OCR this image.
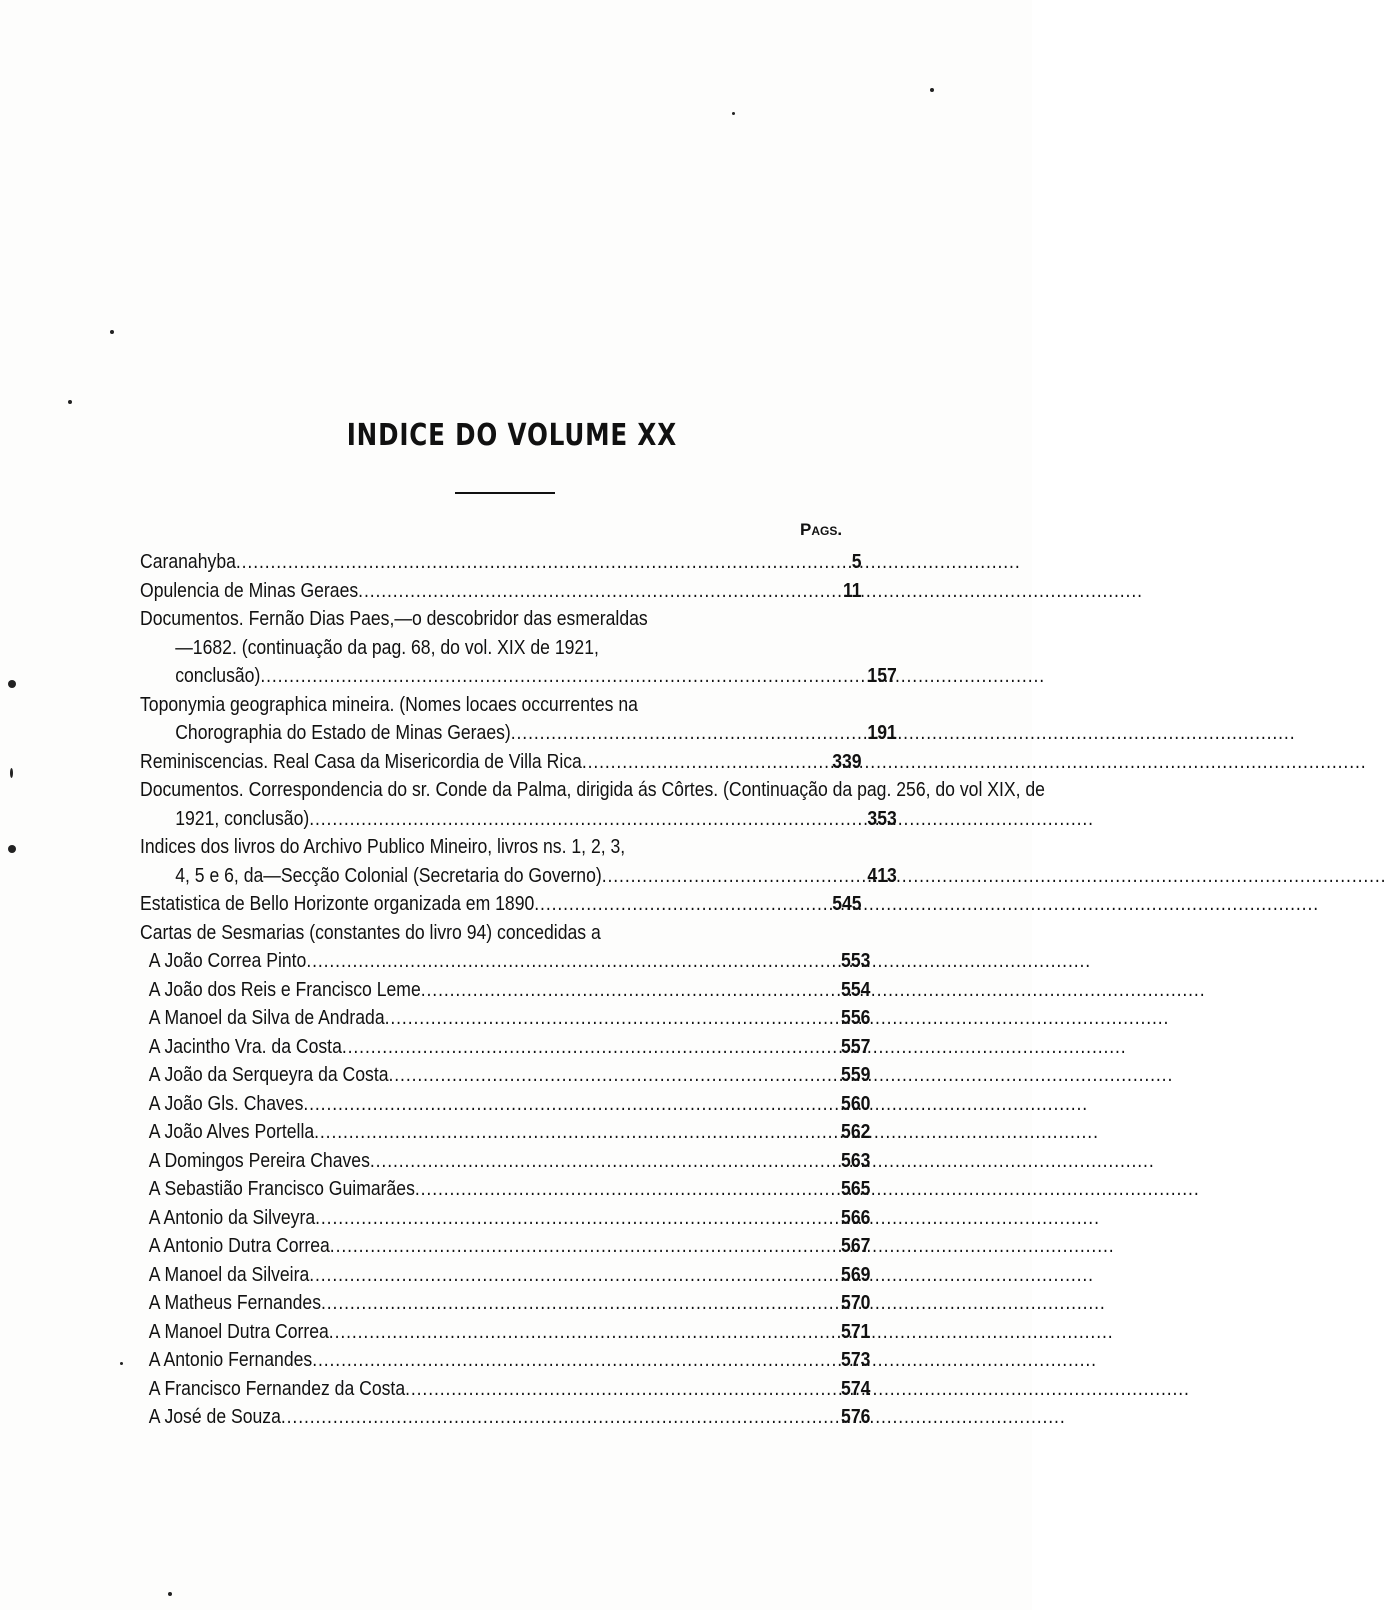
INDICE DO VOLUME XX
Pags.
Caranahyba .....	5
Opulencia de Minas Geraes .....	11
Documentos. Fernão Dias Paes,—o descobridor das esmeraldas
—1682. (continuação da pag. 68, do vol. XIX de 1921,
conclusão) .....	157
Toponymia geographica mineira. (Nomes locaes occurrentes na
Chorographia do Estado de Minas Geraes) .....	191
Reminiscencias. Real Casa da Misericordia de Villa Rica .....	339
Documentos. Correspondencia do sr. Conde da Palma, dirigida ás Côrtes. (Continuação da pag. 256, do vol XIX, de
1921, conclusão) .....	353
Indices dos livros do Archivo Publico Mineiro, livros ns. 1, 2, 3,
4, 5 e 6, da—Secção Colonial (Secretaria do Governo) .....	413
Estatistica de Bello Horizonte organizada em 1890 .....	545
Cartas de Sesmarias (constantes do livro 94) concedidas a
A João Correa Pinto .....	553
A João dos Reis e Francisco Leme .....	554
A Manoel da Silva de Andrada .....	556
A Jacintho Vra. da Costa .....	557
A João da Serqueyra da Costa .....	559
A João Gls. Chaves .....	560
A João Alves Portella .....	562
A Domingos Pereira Chaves .....	563
A Sebastião Francisco Guimarães .....	565
A Antonio da Silveyra .....	566
A Antonio Dutra Correa .....	567
A Manoel da Silveira .....	569
A Matheus Fernandes .....	570
A Manoel Dutra Correa .....	571
A Antonio Fernandes .....	573
A Francisco Fernandez da Costa .....	574
A José de Souza .....	576
